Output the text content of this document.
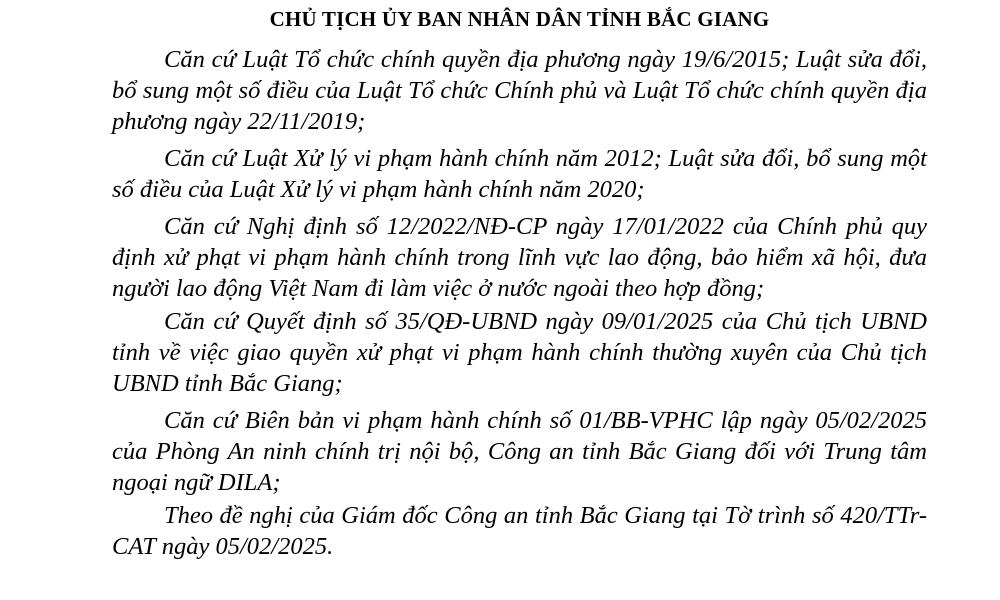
CHỦ TỊCH ỦY BAN NHÂN DÂN TỈNH BẮC GIANG

Căn cứ Luật Tổ chức chính quyền địa phương ngày 19/6/2015; Luật sửa đổi, bổ sung một số điều của Luật Tổ chức Chính phủ và Luật Tổ chức chính quyền địa phương ngày 22/11/2019;

Căn cứ Luật Xử lý vi phạm hành chính năm 2012; Luật sửa đổi, bổ sung một số điều của Luật Xử lý vi phạm hành chính năm 2020;

Căn cứ Nghị định số 12/2022/NĐ-CP ngày 17/01/2022 của Chính phủ quy định xử phạt vi phạm hành chính trong lĩnh vực lao động, bảo hiểm xã hội, đưa người lao động Việt Nam đi làm việc ở nước ngoài theo hợp đồng;

Căn cứ Quyết định số 35/QĐ-UBND ngày 09/01/2025 của Chủ tịch UBND tỉnh về việc giao quyền xử phạt vi phạm hành chính thường xuyên của Chủ tịch UBND tỉnh Bắc Giang;

Căn cứ Biên bản vi phạm hành chính số 01/BB-VPHC lập ngày 05/02/2025 của Phòng An ninh chính trị nội bộ, Công an tỉnh Bắc Giang đối với Trung tâm ngoại ngữ DILA;

Theo đề nghị của Giám đốc Công an tỉnh Bắc Giang tại Tờ trình số 420/TTr-CAT ngày 05/02/2025.
